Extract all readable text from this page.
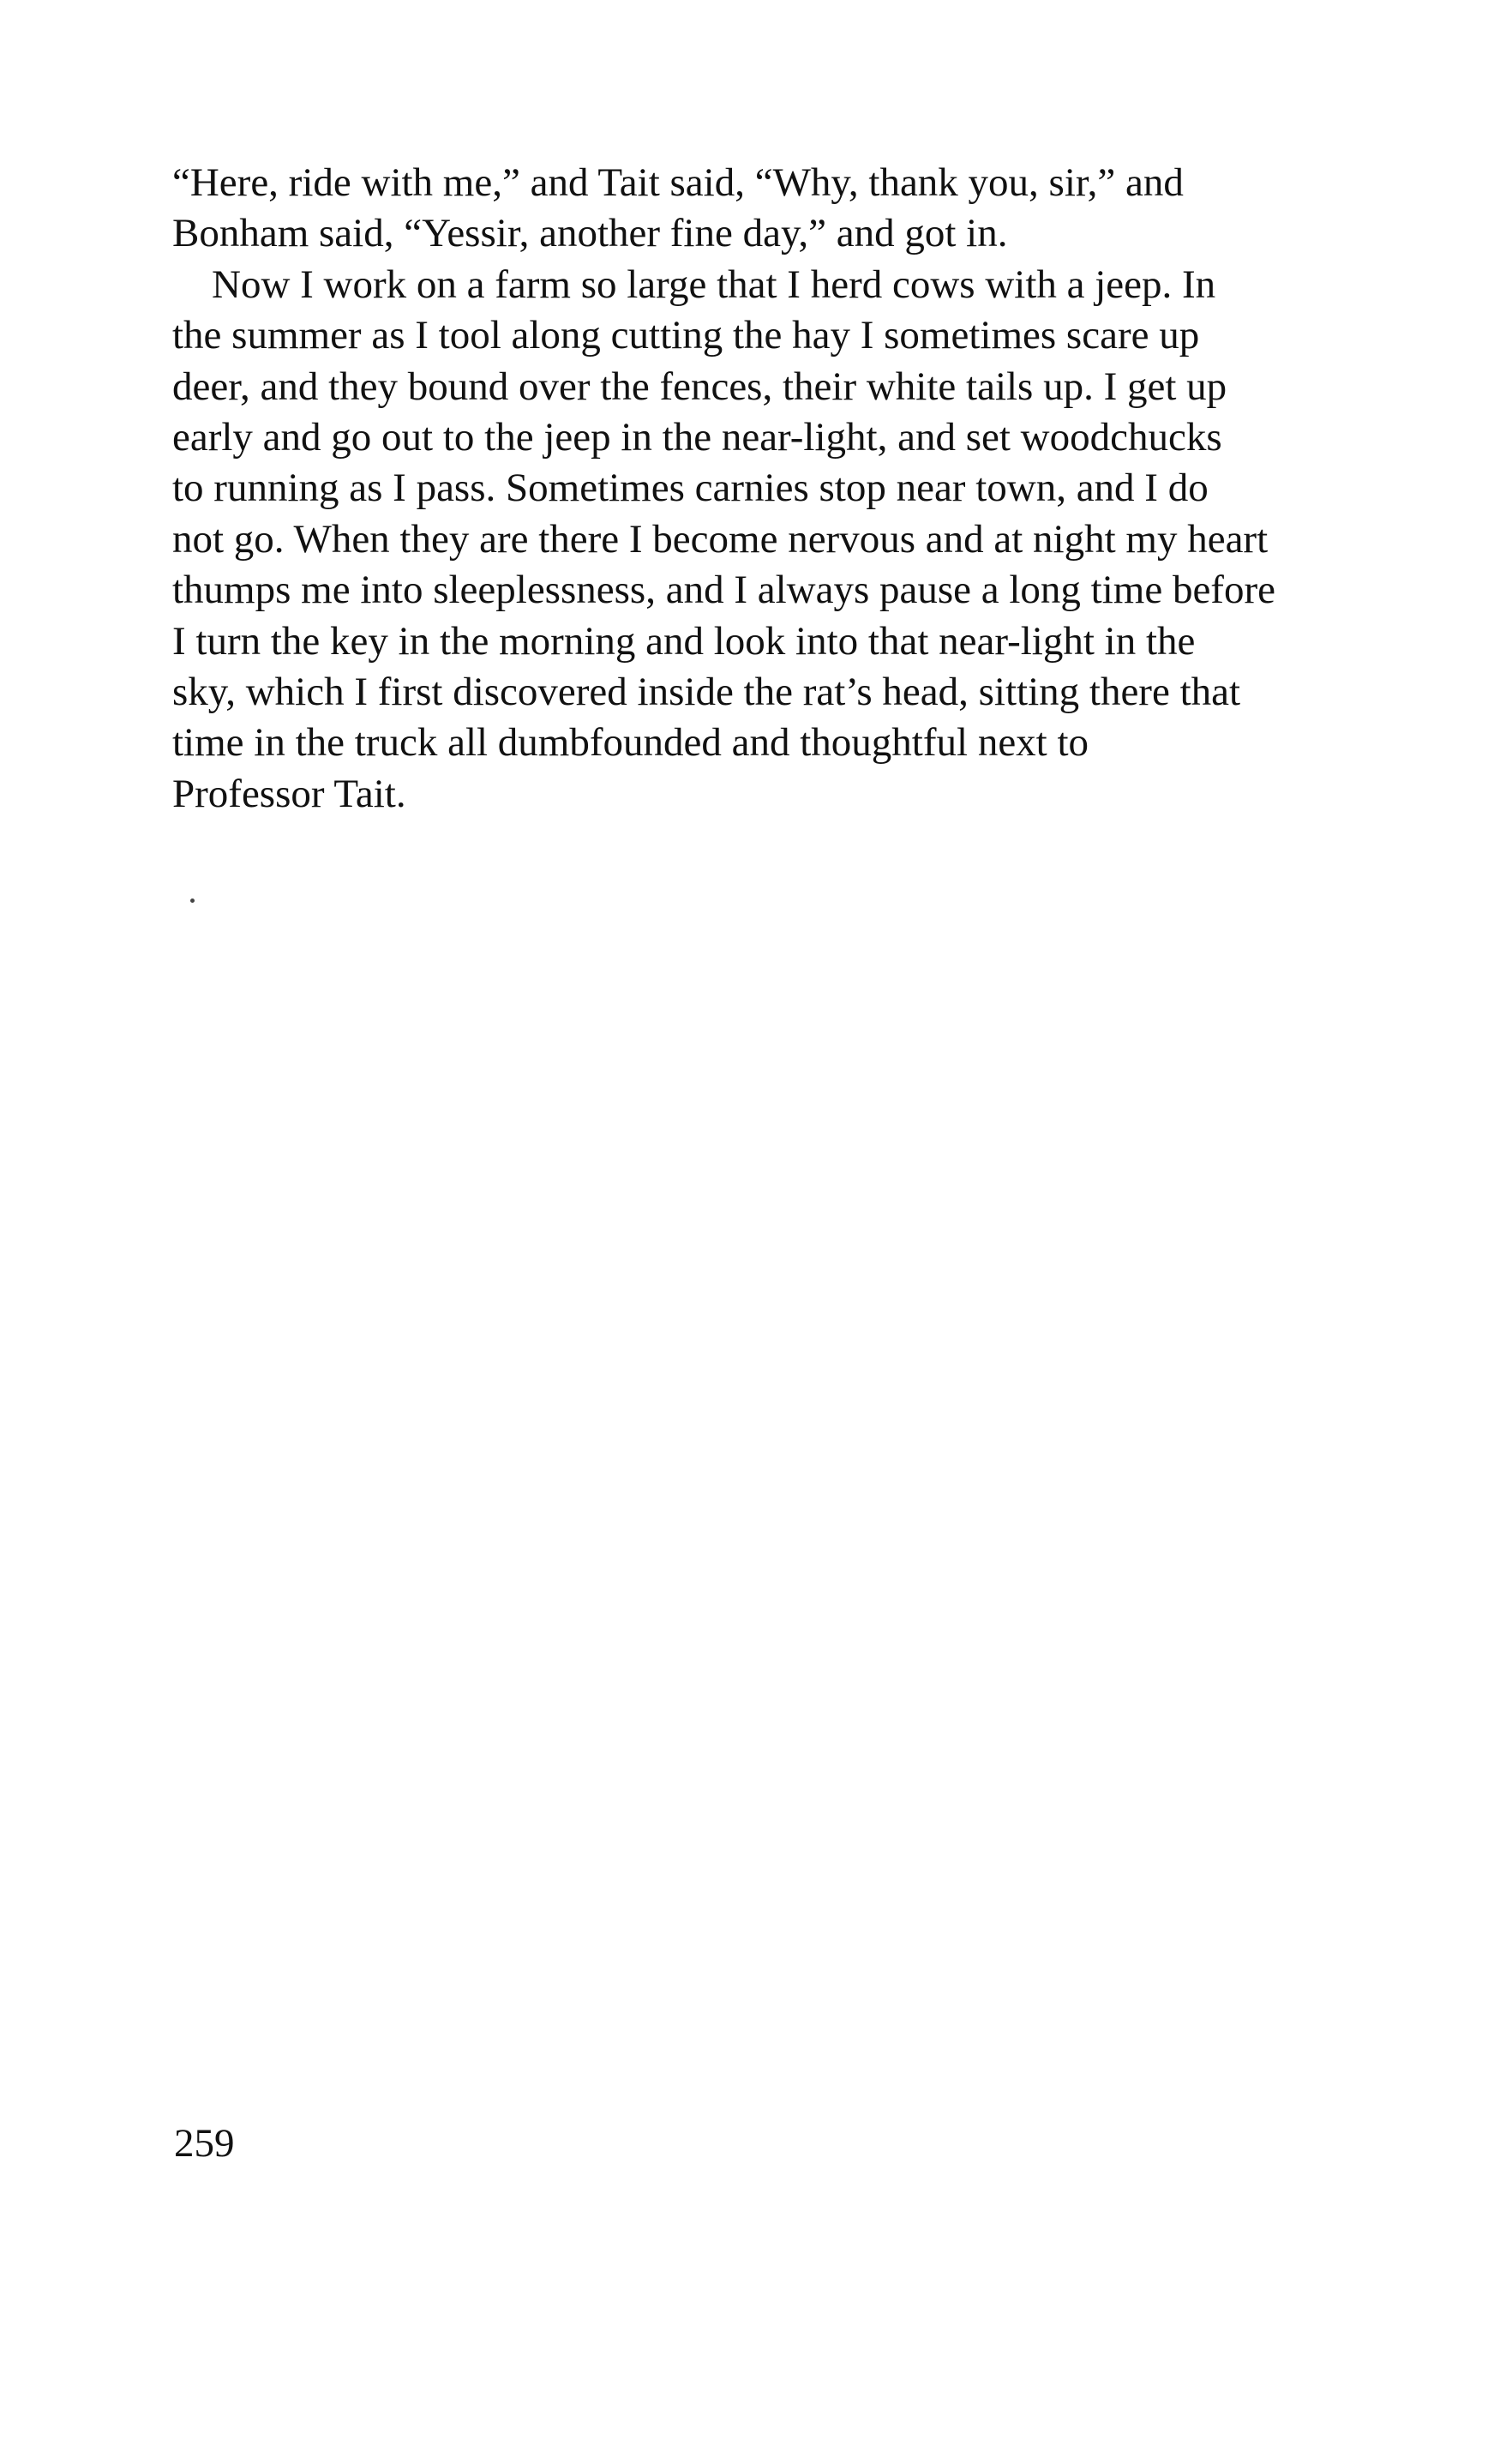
“Here, ride with me,” and Tait said, “Why, thank you, sir,” and
Bonham said, “Yessir, another fine day,” and got in.
Now I work on a farm so large that I herd cows with a jeep. In
the summer as I tool along cutting the hay I sometimes scare up
deer, and they bound over the fences, their white tails up. I get up
early and go out to the jeep in the near-light, and set woodchucks
to running as I pass. Sometimes carnies stop near town, and I do
not go. When they are there I become nervous and at night my heart
thumps me into sleeplessness, and I always pause a long time before
I turn the key in the morning and look into that near-light in the
sky, which I first discovered inside the rat’s head, sitting there that
time in the truck all dumbfounded and thoughtful next to
Professor Tait.
259
